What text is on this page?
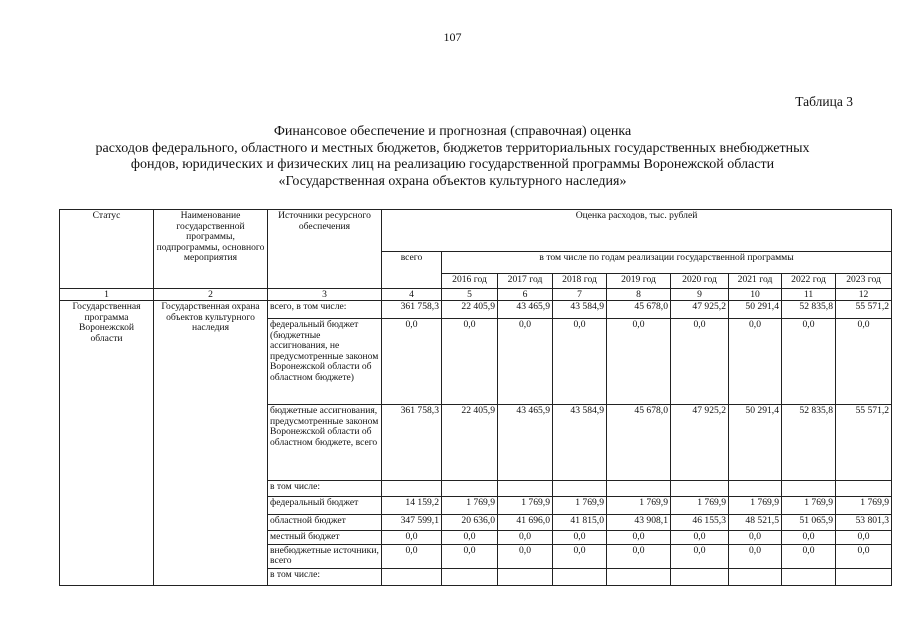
107
Таблица 3
Финансовое обеспечение и прогнозная (справочная) оценка
расходов федерального, областного и местных бюджетов, бюджетов территориальных государственных внебюджетных
фондов, юридических и физических лиц на реализацию государственной программы Воронежской области
«Государственная охрана объектов культурного наследия»
Статус	Наименование государственной программы, подпрограммы, основного мероприятия	Источники ресурсного обеспечения	Оценка расходов, тыс. рублей								
			всего	в том числе по годам реализации государственной программы							
				2016 год	2017 год	2018 год	2019 год	2020 год	2021 год	2022 год	2023 год
1	2	3	4	5	6	7	8	9	10	11	12
Государственная программа Воронежской области	Государственная охрана объектов культурного наследия	всего, в том числе:	361 758,3	22 405,9	43 465,9	43 584,9	45 678,0	47 925,2	50 291,4	52 835,8	55 571,2
		федеральный бюджет (бюджетные ассигнования, не предусмотренные законом Воронежской области об областном бюджете)	0,0	0,0	0,0	0,0	0,0	0,0	0,0	0,0	0,0
		бюджетные ассигнования, предусмотренные законом Воронежской области об областном бюджете, всего	361 758,3	22 405,9	43 465,9	43 584,9	45 678,0	47 925,2	50 291,4	52 835,8	55 571,2
		в том числе:									
		федеральный бюджет	14 159,2	1 769,9	1 769,9	1 769,9	1 769,9	1 769,9	1 769,9	1 769,9	1 769,9
		областной бюджет	347 599,1	20 636,0	41 696,0	41 815,0	43 908,1	46 155,3	48 521,5	51 065,9	53 801,3
		местный бюджет	0,0	0,0	0,0	0,0	0,0	0,0	0,0	0,0	0,0
		внебюджетные источники, всего	0,0	0,0	0,0	0,0	0,0	0,0	0,0	0,0	0,0
		в том числе:									
